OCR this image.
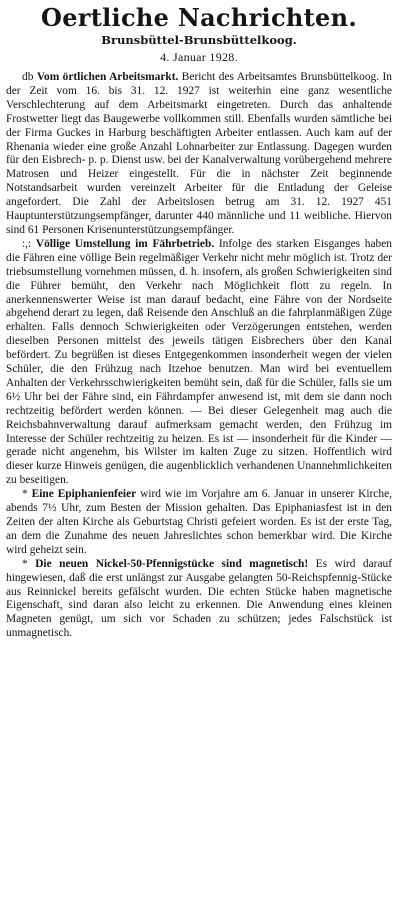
Oertliche Nachrichten.
Brunsbüttel-Brunsbüttelkoog.
4. Januar 1928.

db Vom örtlichen Arbeitsmarkt. Bericht des Arbeitsamtes Brunsbüttelkoog. In der Zeit vom 16. bis 31. 12. 1927 ist weiterhin eine ganz wesentliche Verschlechterung auf dem Arbeitsmarkt eingetreten. Durch das anhaltende Frostwetter liegt das Baugewerbe vollkommen still. Ebenfalls wurden sämtliche bei der Firma Guckes in Harburg beschäftigten Arbeiter entlassen. Auch kam auf der Rhenania wieder eine große Anzahl Lohnarbeiter zur Entlassung. Dagegen wurden für den Eisbrech- p. p. Dienst usw. bei der Kanalverwaltung vorübergehend mehrere Matrosen und Heizer eingestellt. Für die in nächster Zeit beginnende Notstandsarbeit wurden vereinzelt Arbeiter für die Entladung der Geleise angefordert. Die Zahl der Arbeitslosen betrug am 31. 12. 1927 451 Hauptunterstützungsempfänger, darunter 440 männliche und 11 weibliche. Hiervon sind 61 Personen Krisenunterstützungsempfänger.

:,: Völlige Umstellung im Fährbetrieb. Infolge des starken Eisganges haben die Fähren eine völlige Bein regelmäßiger Verkehr nicht mehr möglich ist. Trotz der triebsumstellung vornehmen müssen, d. h. insofern, als großen Schwierigkeiten sind die Führer bemüht, den Verkehr nach Möglichkeit flott zu regeln. In anerkennenswerter Weise ist man darauf bedacht, eine Fähre von der Nordseite abgehend derart zu legen, daß Reisende den Anschluß an die fahrplanmäßigen Züge erhalten. Falls dennoch Schwierigkeiten oder Verzögerungen entstehen, werden dieselben Personen mittelst des jeweils tätigen Eisbrechers über den Kanal befördert. Zu begrüßen ist dieses Entgegenkommen insonderheit wegen der vielen Schüler, die den Frühzug nach Itzehoe benutzen. Man wird bei eventuellem Anhalten der Verkehrsschwierigkeiten bemüht sein, daß für die Schüler, falls sie um 6½ Uhr bei der Fähre sind, ein Fährdampfer anwesend ist, mit dem sie dann noch rechtzeitig befördert werden können. — Bei dieser Gelegenheit mag auch die Reichsbahnverwaltung darauf aufmerksam gemacht werden, den Frühzug im Interesse der Schüler rechtzeitig zu heizen. Es ist — insonderheit für die Kinder — gerade nicht angenehm, bis Wilster im kalten Zuge zu sitzen. Hoffentlich wird dieser kurze Hinweis genügen, die augenblicklich verhandenen Unannehmlichkeiten zu beseitigen.

* Eine Epiphanienfeier wird wie im Vorjahre am 6. Januar in unserer Kirche, abends 7½ Uhr, zum Besten der Mission gehalten. Das Epiphaniasfest ist in den Zeiten der alten Kirche als Geburtstag Christi gefeiert worden. Es ist der erste Tag, an dem die Zunahme des neuen Jahreslichtes schon bemerkbar wird. Die Kirche wird geheizt sein.

* Die neuen Nickel-50-Pfennigstücke sind magnetisch! Es wird darauf hingewiesen, daß die erst unlängst zur Ausgabe gelangten 50-Reichspfennig-Stücke aus Reinnickel bereits gefälscht wurden. Die echten Stücke haben magnetische Eigenschaft, sind daran also leicht zu erkennen. Die Anwendung eines kleinen Magneten genügt, um sich vor Schaden zu schützen; jedes Falschstück ist unmagnetisch.
